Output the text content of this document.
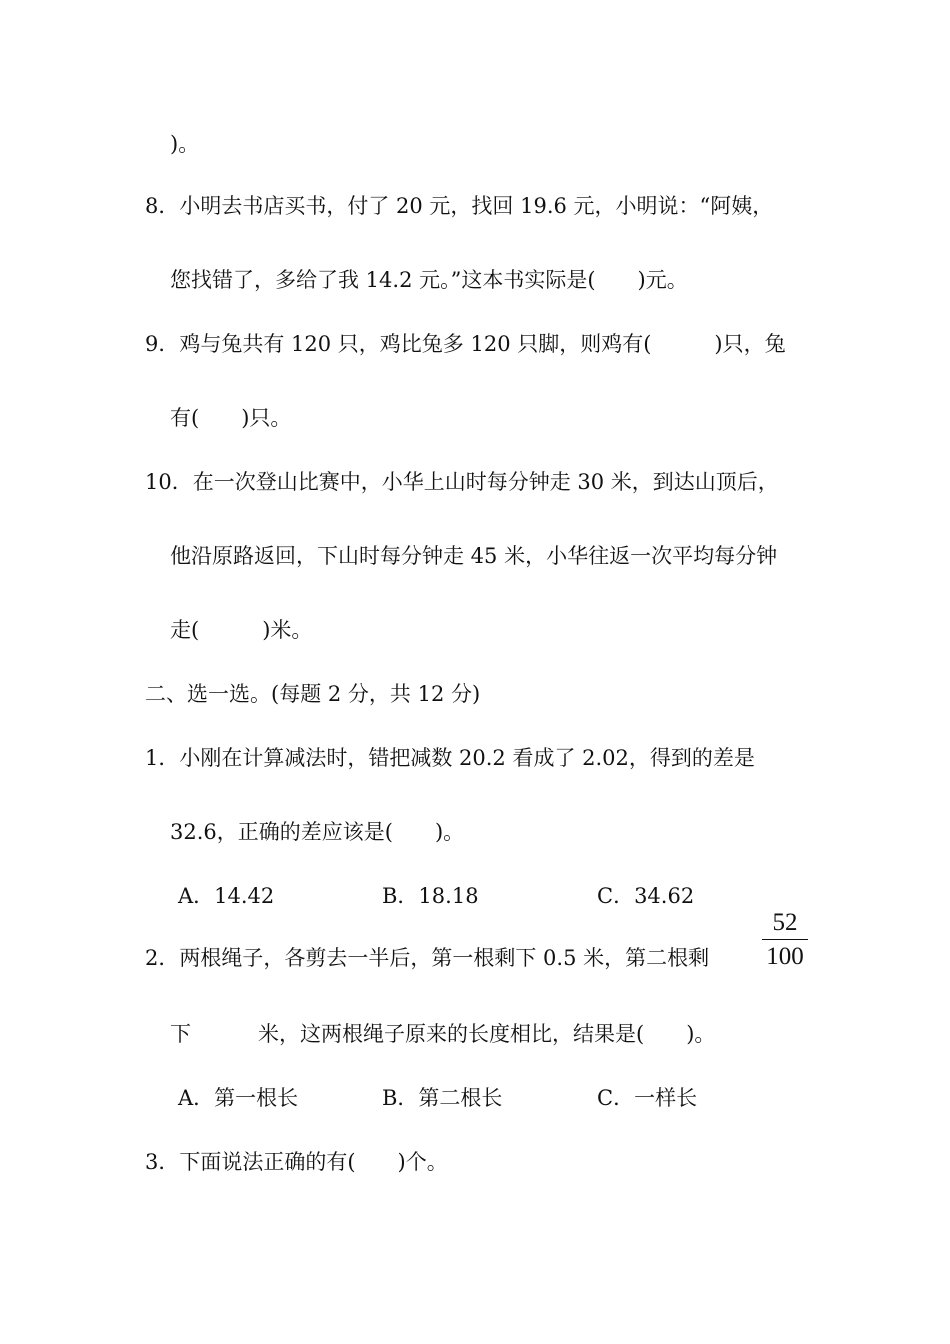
)。
8．小明去书店买书，付了 20 元，找回 19.6 元，小明说：“阿姨，
您找错了，多给了我 14.2 元。”这本书实际是(　　)元。
9．鸡与兔共有 120 只，鸡比兔多 120 只脚，则鸡有(　　　)只，兔
有(　　)只。
10．在一次登山比赛中，小华上山时每分钟走 30 米，到达山顶后，
他沿原路返回，下山时每分钟走 45 米，小华往返一次平均每分钟
走(　　　)米。
二、选一选。(每题 2 分，共 12 分)
1．小刚在计算减法时，错把减数 20.2 看成了 2.02，得到的差是
32.6，正确的差应该是(　　)。
A．14.42	B．18.18	C．34.62
2．两根绳子，各剪去一半后，第一根剩下 0.5 米，第二根剩
52
100
下	米，这两根绳子原来的长度相比，结果是(　　)。
A．第一根长	B．第二根长	C．一样长
3．下面说法正确的有(　　)个。
